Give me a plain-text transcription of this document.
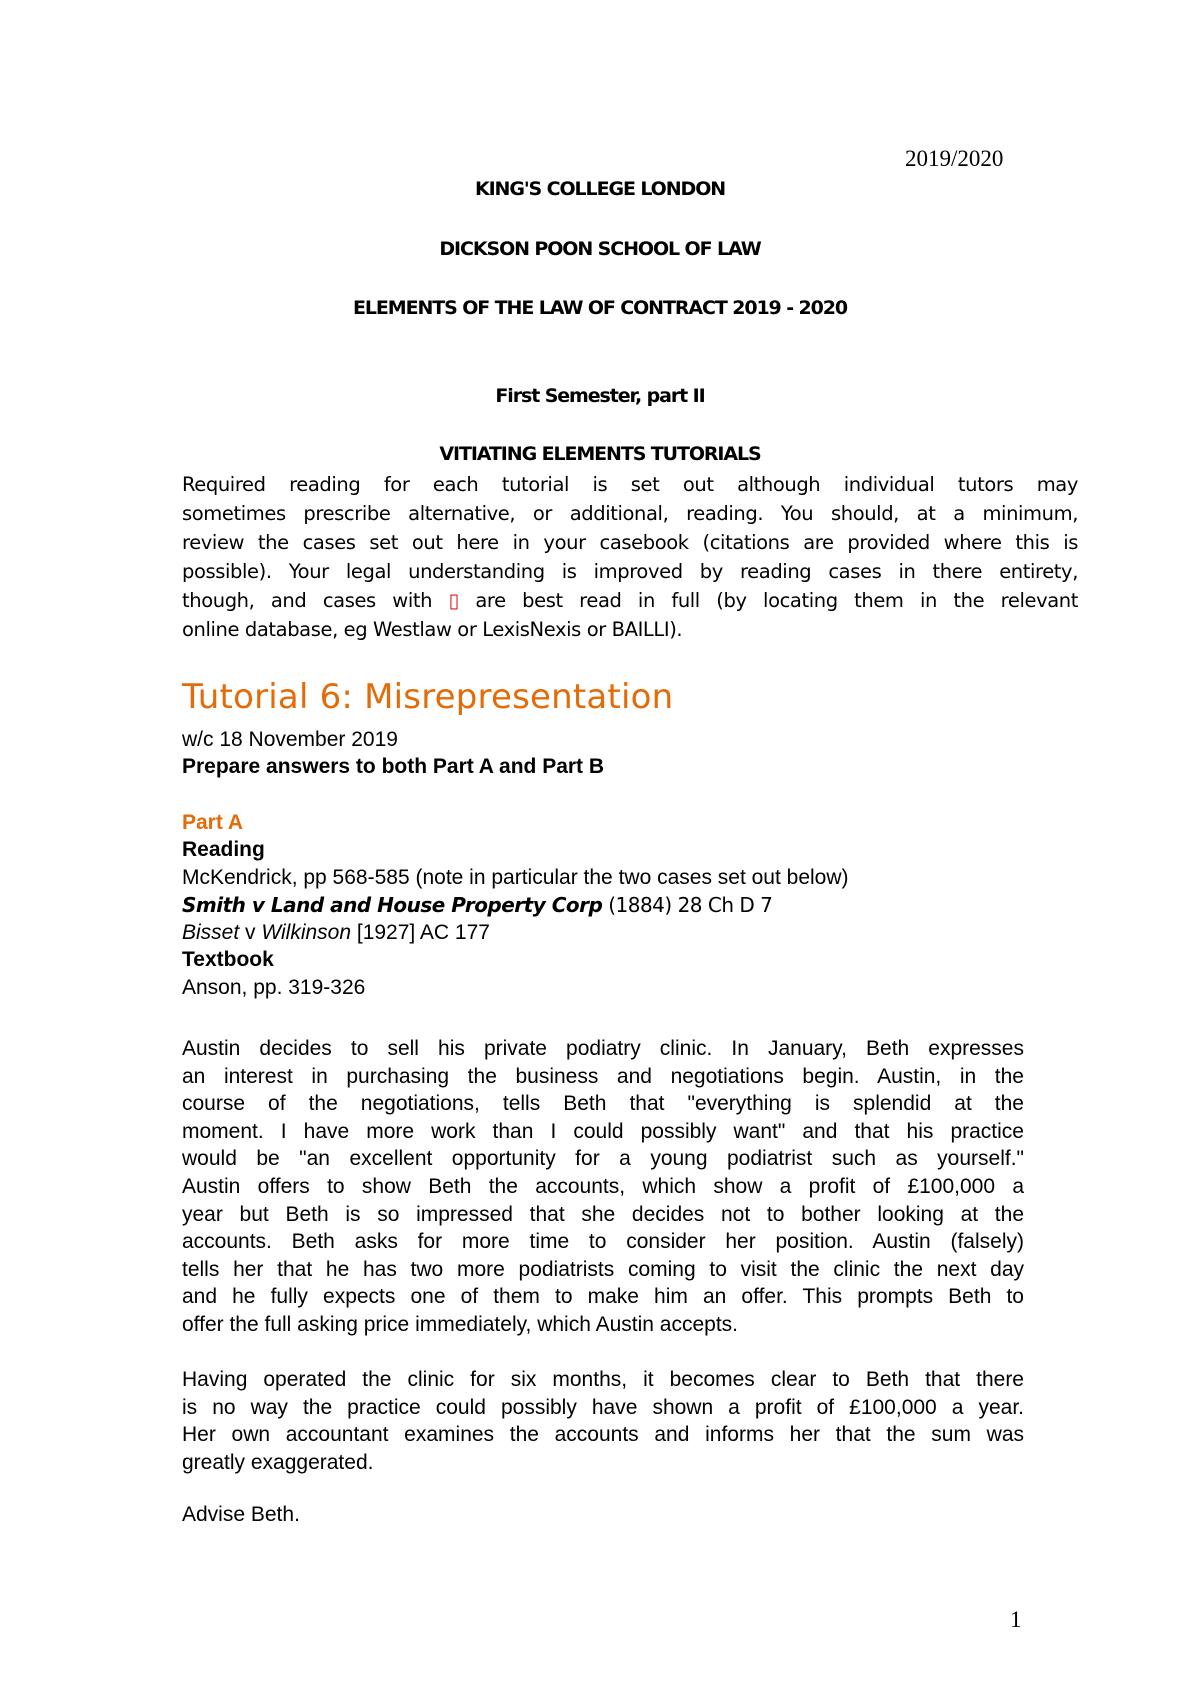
2019/2020
KING'S COLLEGE LONDON
DICKSON POON SCHOOL OF LAW
ELEMENTS OF THE LAW OF CONTRACT 2019 - 2020
First Semester, part II
VITIATING ELEMENTS TUTORIALS
Required reading for each tutorial is set out although individual tutors may
sometimes prescribe alternative, or additional, reading. You should, at a minimum,
review the cases set out here in your casebook (citations are provided where this is
possible). Your legal understanding is improved by reading cases in there entirety,
though, and cases with ▯ are best read in full (by locating them in the relevant
online database, eg Westlaw or LexisNexis or BAILLI).
Tutorial 6: Misrepresentation
w/c 18 November 2019
Prepare answers to both Part A and Part B
Part A
Reading
McKendrick, pp 568-585 (note in particular the two cases set out below)
Smith v Land and House Property Corp (1884) 28 Ch D 7
Bisset v Wilkinson [1927] AC 177
Textbook
Anson, pp. 319-326
Austin decides to sell his private podiatry clinic. In January, Beth expresses
an interest in purchasing the business and negotiations begin. Austin, in the
course of the negotiations, tells Beth that "everything is splendid at the
moment. I have more work than I could possibly want" and that his practice
would be "an excellent opportunity for a young podiatrist such as yourself."
Austin offers to show Beth the accounts, which show a profit of £100,000 a
year but Beth is so impressed that she decides not to bother looking at the
accounts. Beth asks for more time to consider her position. Austin (falsely)
tells her that he has two more podiatrists coming to visit the clinic the next day
and he fully expects one of them to make him an offer. This prompts Beth to
offer the full asking price immediately, which Austin accepts.
Having operated the clinic for six months, it becomes clear to Beth that there
is no way the practice could possibly have shown a profit of £100,000 a year.
Her own accountant examines the accounts and informs her that the sum was
greatly exaggerated.
Advise Beth.
1
